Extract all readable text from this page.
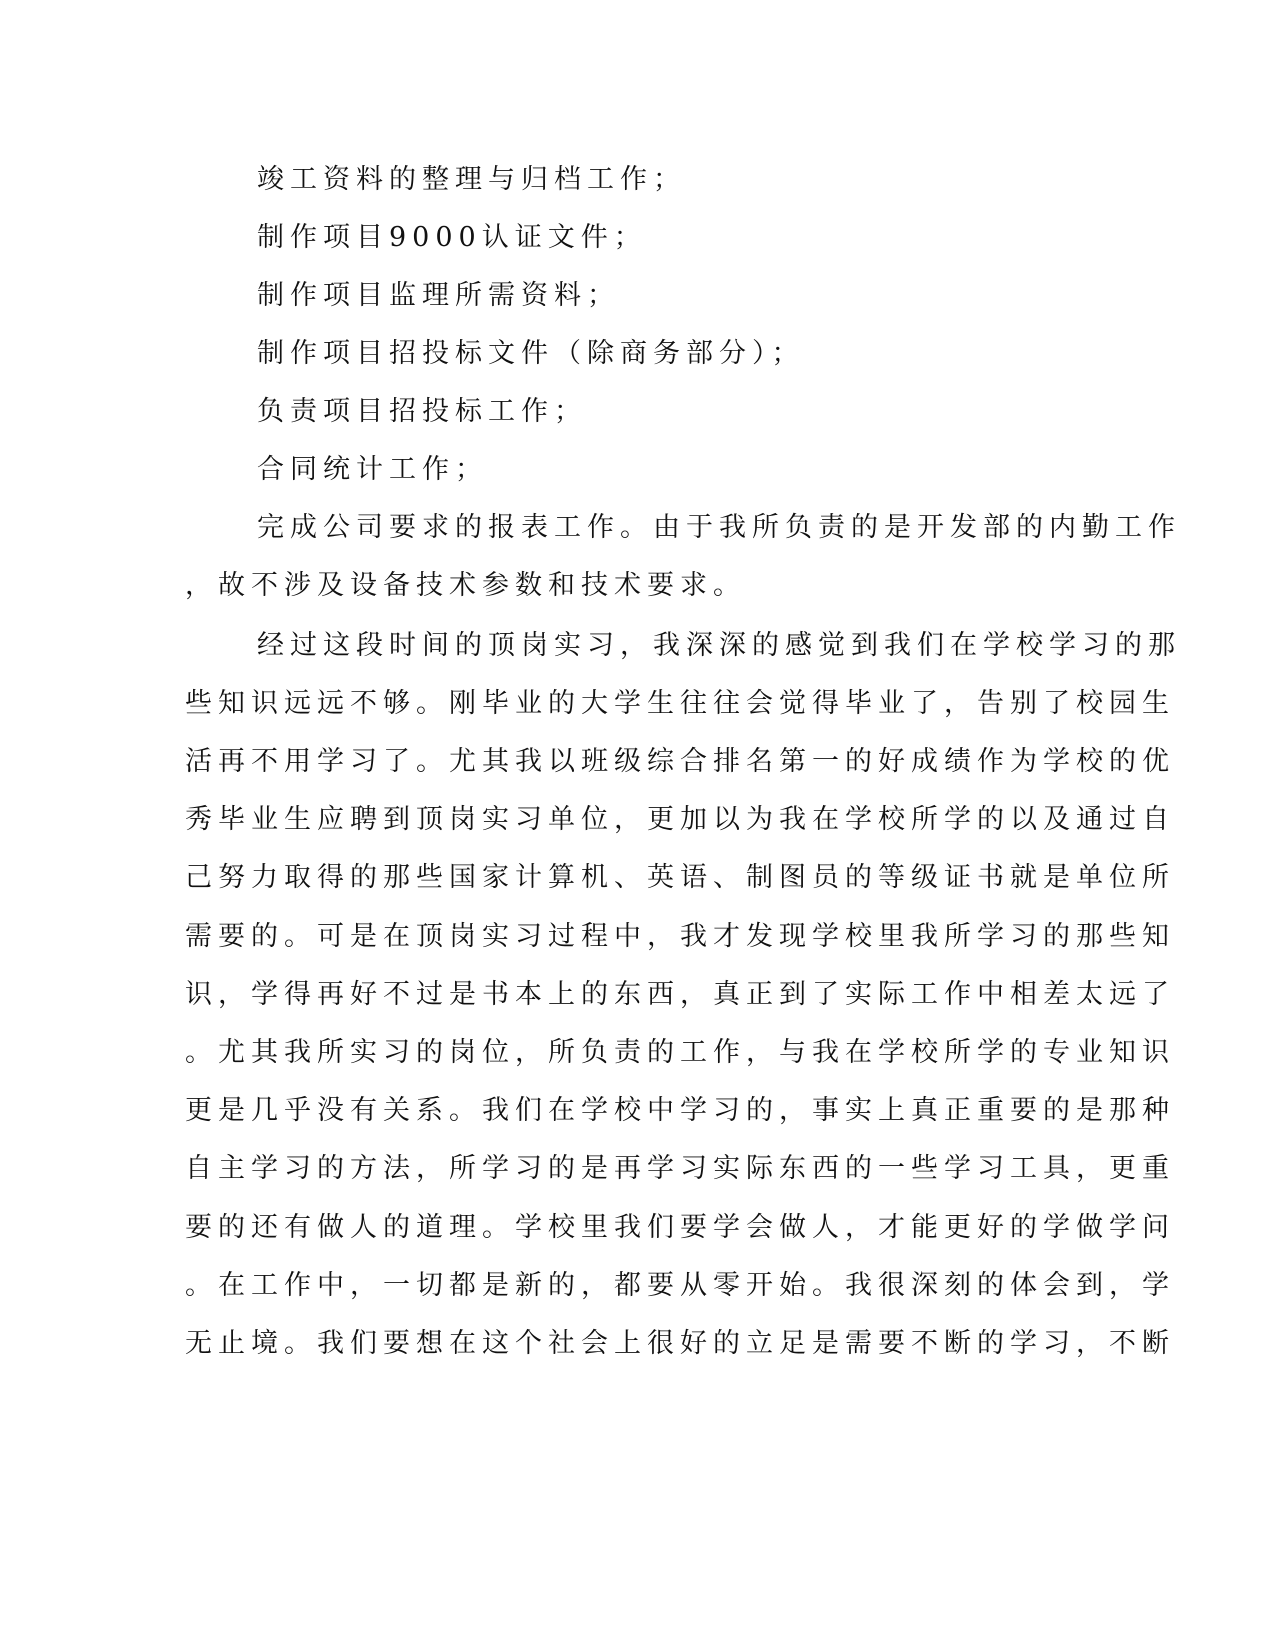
竣工资料的整理与归档工作；
制作项目9000认证文件；
制作项目监理所需资料；
制作项目招投标文件（除商务部分）；
负责项目招投标工作；
合同统计工作；
完成公司要求的报表工作。由于我所负责的是开发部的内勤工作
，故不涉及设备技术参数和技术要求。
经过这段时间的顶岗实习，我深深的感觉到我们在学校学习的那
些知识远远不够。刚毕业的大学生往往会觉得毕业了，告别了校园生
活再不用学习了。尤其我以班级综合排名第一的好成绩作为学校的优
秀毕业生应聘到顶岗实习单位，更加以为我在学校所学的以及通过自
己努力取得的那些国家计算机、英语、制图员的等级证书就是单位所
需要的。可是在顶岗实习过程中，我才发现学校里我所学习的那些知
识，学得再好不过是书本上的东西，真正到了实际工作中相差太远了
。尤其我所实习的岗位，所负责的工作，与我在学校所学的专业知识
更是几乎没有关系。我们在学校中学习的，事实上真正重要的是那种
自主学习的方法，所学习的是再学习实际东西的一些学习工具，更重
要的还有做人的道理。学校里我们要学会做人，才能更好的学做学问
。在工作中，一切都是新的，都要从零开始。我很深刻的体会到，学
无止境。我们要想在这个社会上很好的立足是需要不断的学习，不断
